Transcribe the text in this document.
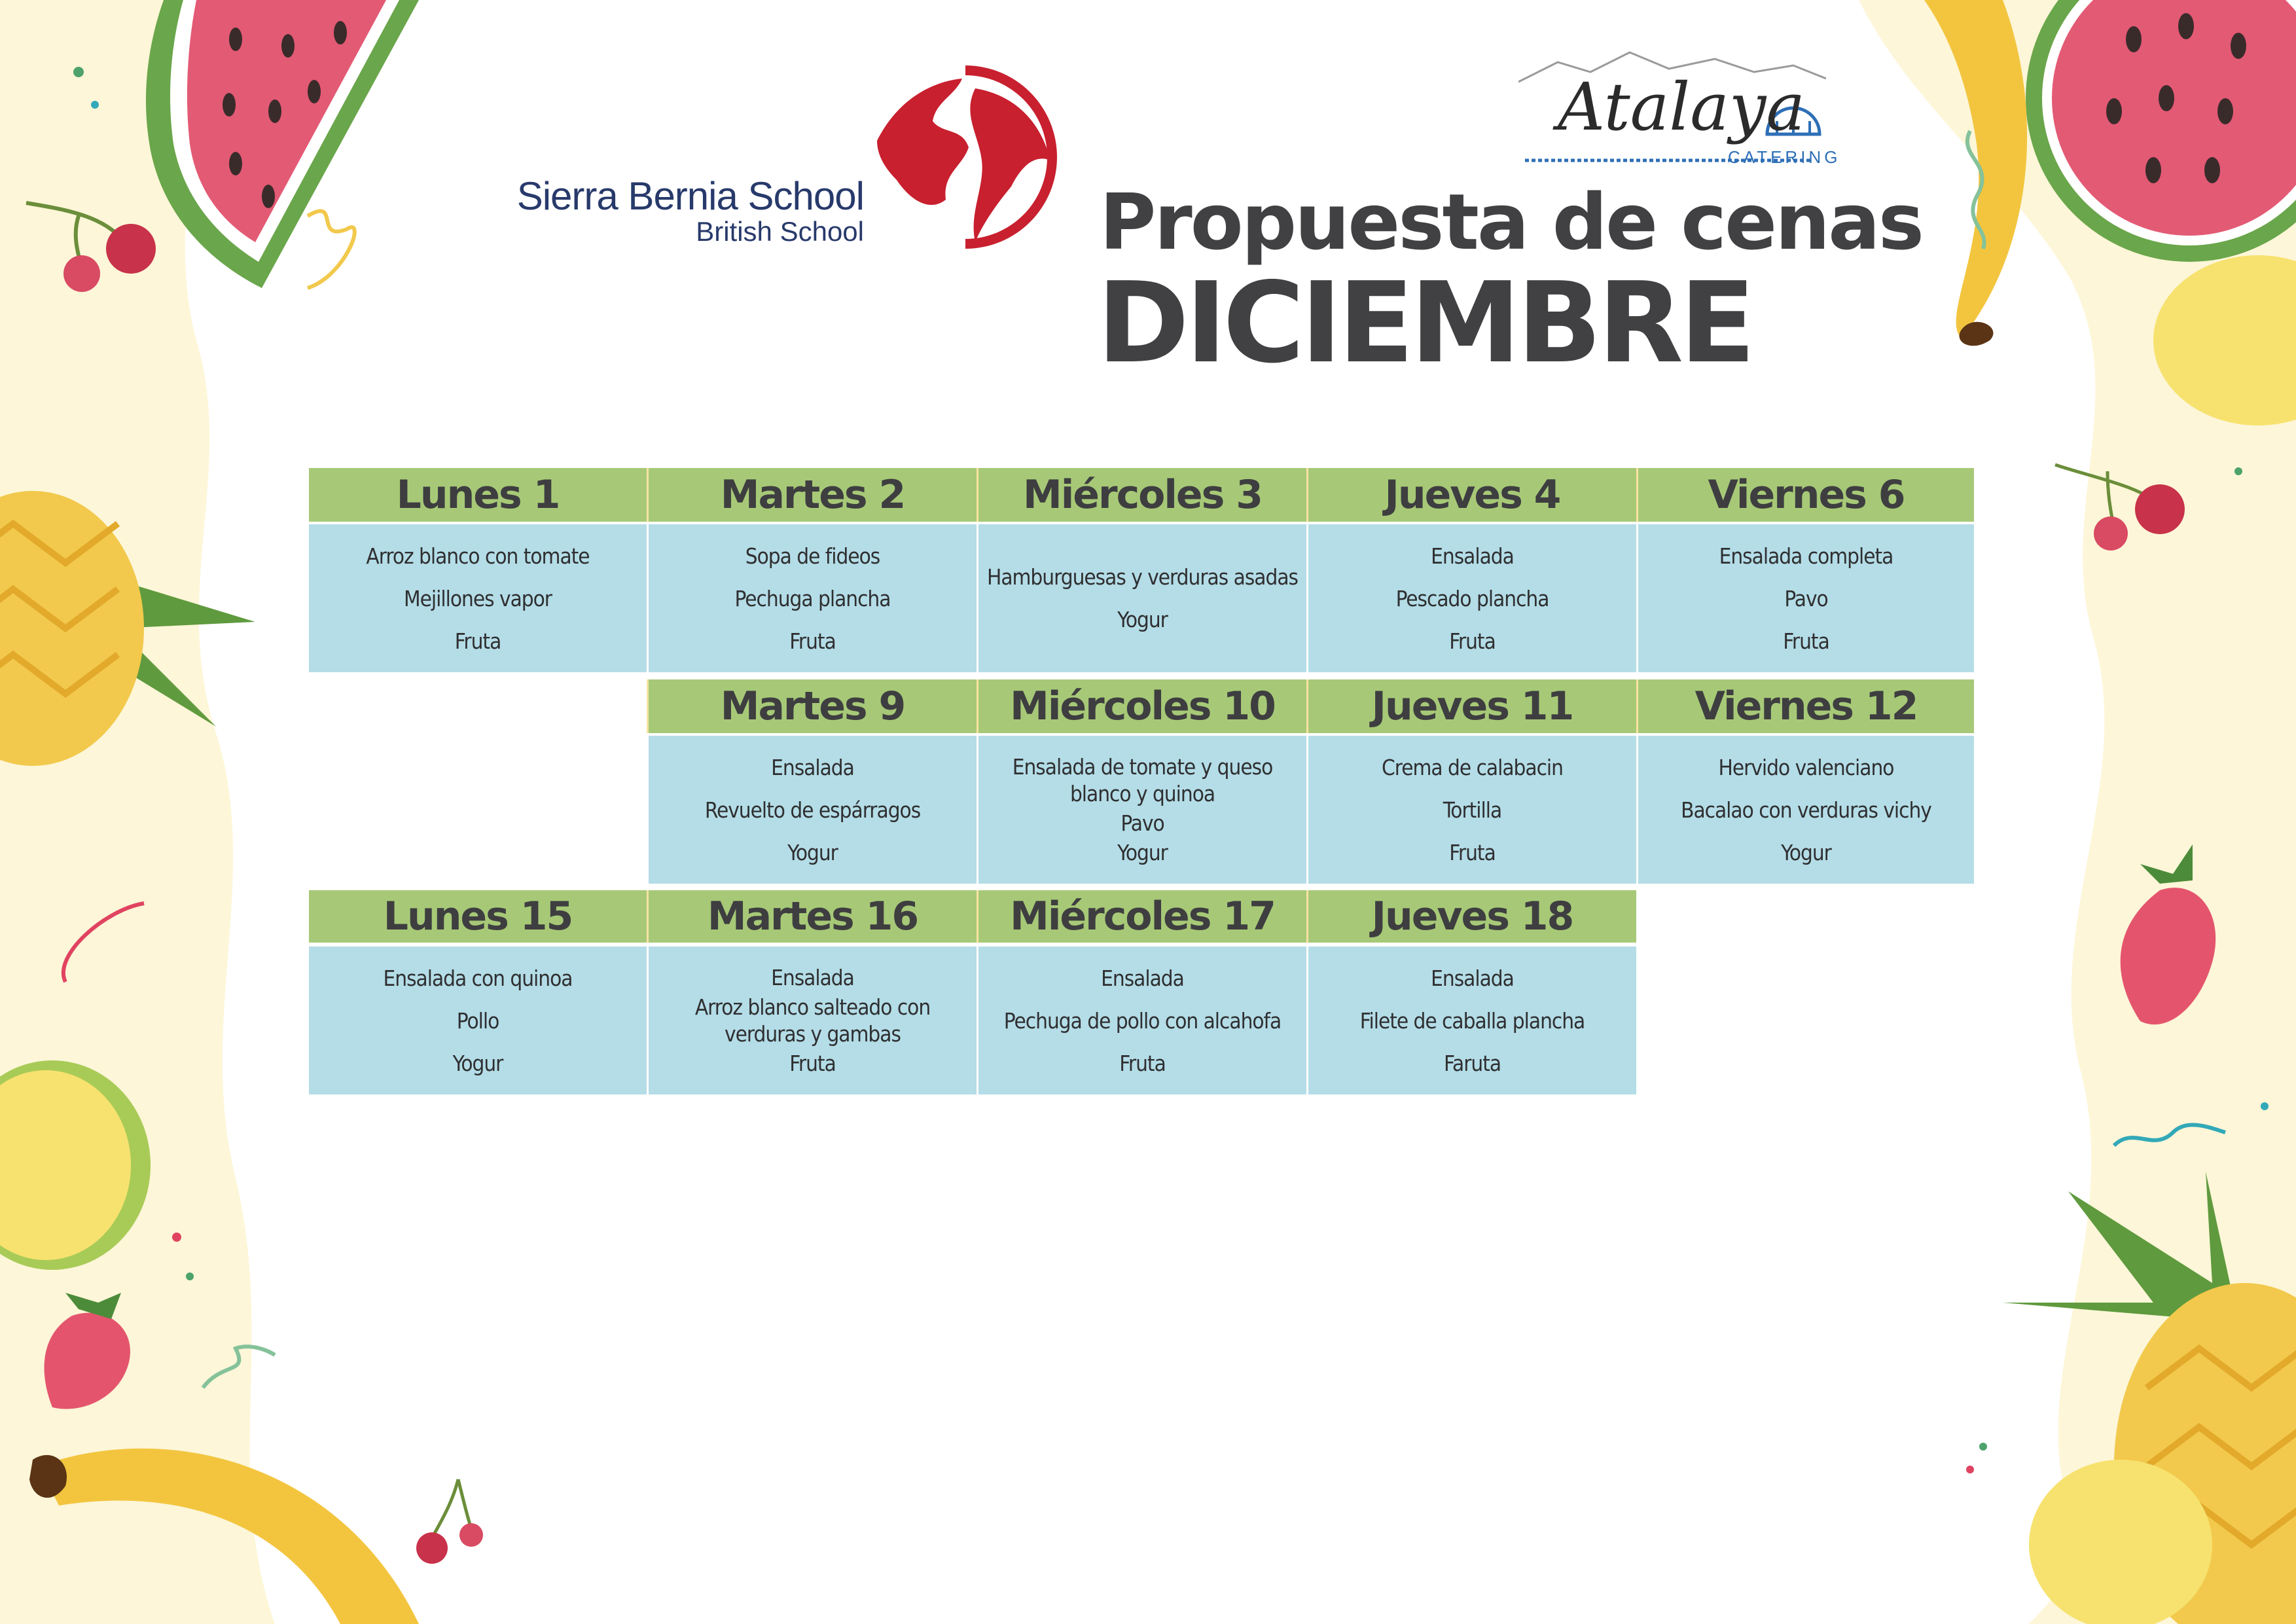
Sierra Bernia School
British School
Atalaya
CATERING
Propuesta de cenas
DICIEMBRE
Lunes 1
Arroz blanco con tomate
Mejillones vapor
Fruta
Martes 2
Sopa de fideos
Pechuga plancha
Fruta
Miércoles 3
Hamburguesas y verduras asadas
Yogur
Jueves 4
Ensalada
Pescado plancha
Fruta
Viernes 6
Ensalada completa
Pavo
Fruta
Martes 9
Ensalada
Revuelto de espárragos
Yogur
Miércoles 10
Ensalada de tomate y queso blanco y quinoa
Pavo
Yogur
Jueves 11
Crema de calabacin
Tortilla
Fruta
Viernes 12
Hervido valenciano
Bacalao con verduras vichy
Yogur
Lunes 15
Ensalada con quinoa
Pollo
Yogur
Martes 16
Ensalada
Arroz blanco salteado con verduras y gambas
Fruta
Miércoles 17
Ensalada
Pechuga de pollo con alcahofa
Fruta
Jueves 18
Ensalada
Filete de caballa plancha
Faruta
